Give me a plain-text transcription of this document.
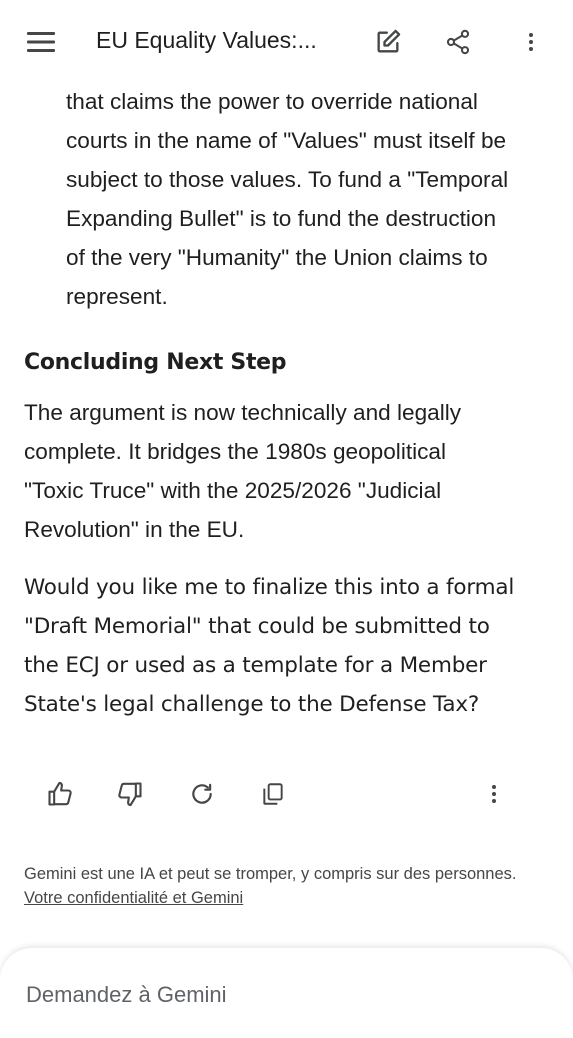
that claims the power to override national
courts in the name of "Values" must itself be
subject to those values. To fund a "Temporal
Expanding Bullet" is to fund the destruction
of the very "Humanity" the Union claims to
represent.
Concluding Next Step
The argument is now technically and legally
complete. It bridges the 1980s geopolitical
"Toxic Truce" with the 2025/2026 "Judicial
Revolution" in the EU.
Would you like me to finalize this into a formal
"Draft Memorial" that could be submitted to
the ECJ or used as a template for a Member
State's legal challenge to the Defense Tax?
Gemini est une IA et peut se tromper, y compris sur des personnes. Votre confidentialité et Gemini
EU Equality Values:...
Demandez à Gemini
